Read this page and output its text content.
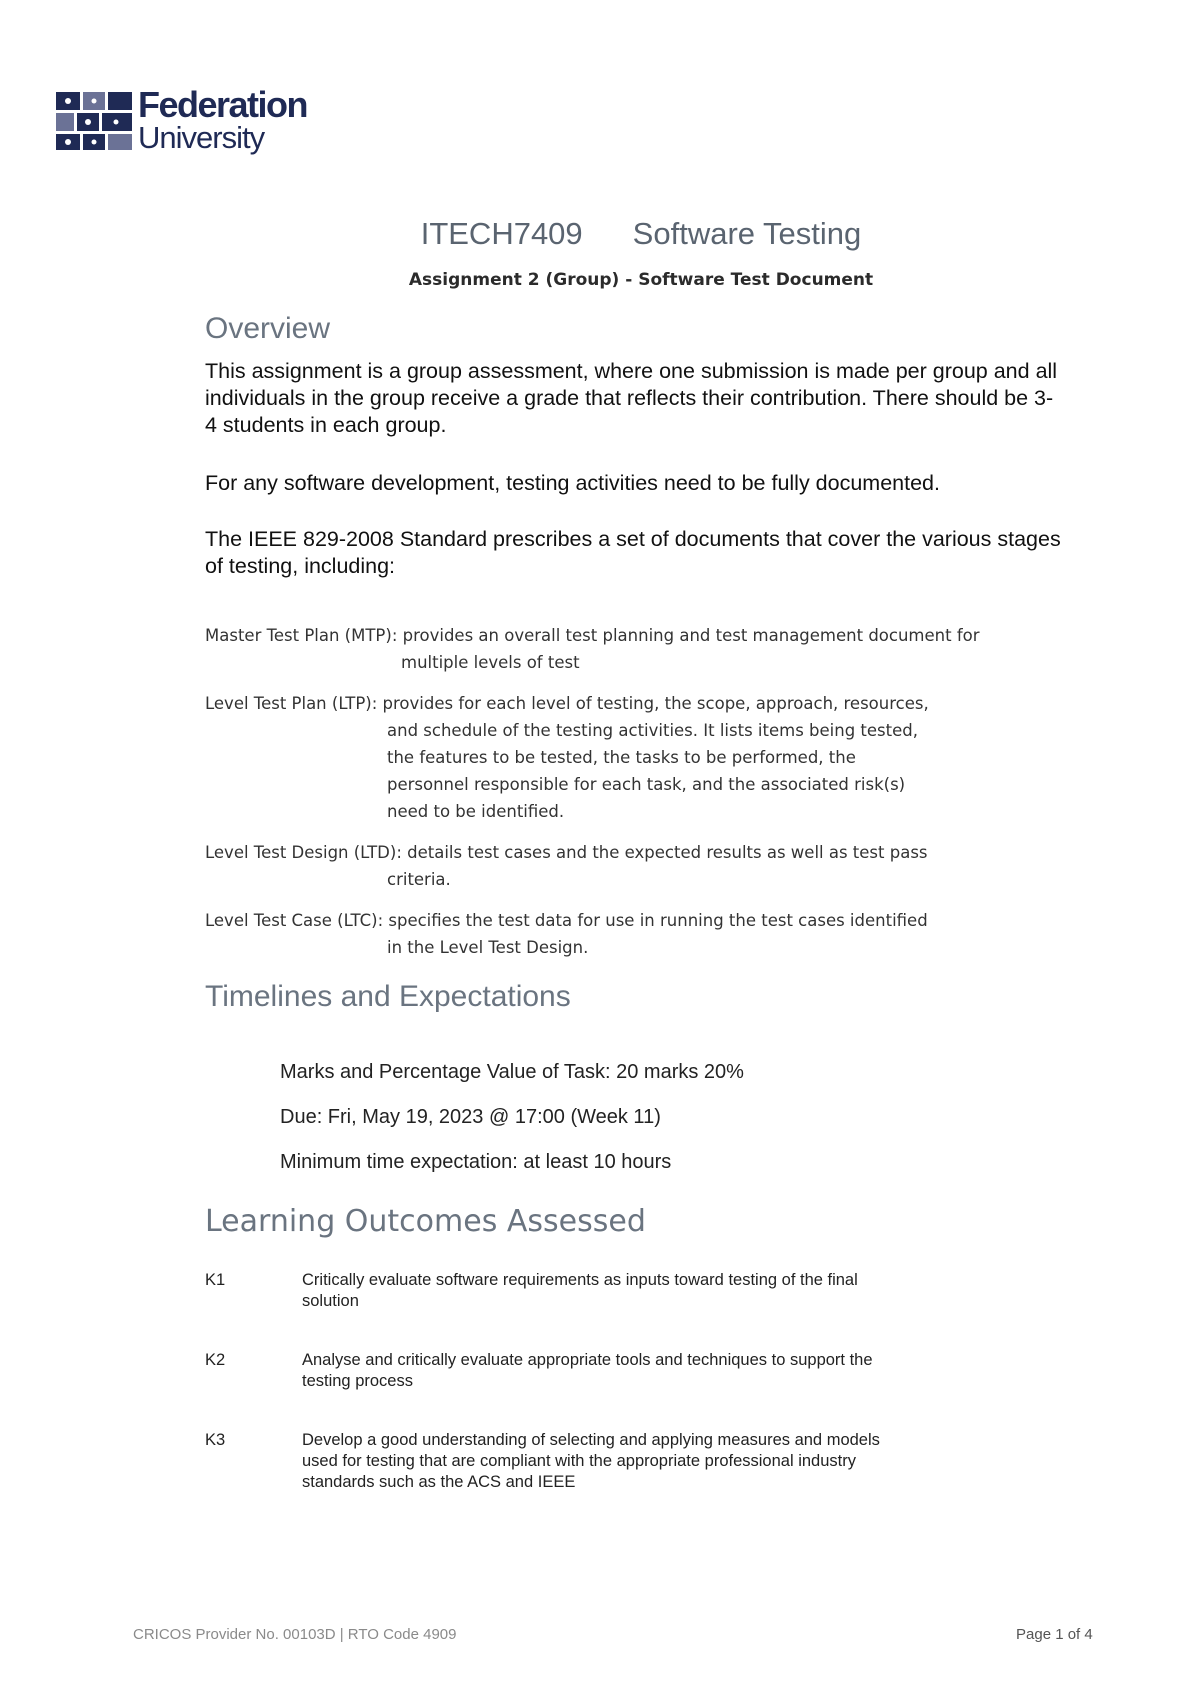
Federation
University
ITECH7409 Software Testing
Assignment 2 (Group) - Software Test Document
Overview
This assignment is a group assessment, where one submission is made per group and all individuals in the group receive a grade that reflects their contribution. There should be 3-4 students in each group.
For any software development, testing activities need to be fully documented.
The IEEE 829-2008 Standard prescribes a set of documents that cover the various stages of testing, including:
Master Test Plan (MTP): provides an overall test planning and test management document for
multiple levels of test
Level Test Plan (LTP): provides for each level of testing, the scope, approach, resources,
and schedule of the testing activities. It lists items being tested,
the features to be tested, the tasks to be performed, the
personnel responsible for each task, and the associated risk(s)
need to be identified.
Level Test Design (LTD): details test cases and the expected results as well as test pass
criteria.
Level Test Case (LTC): specifies the test data for use in running the test cases identified
in the Level Test Design.
Timelines and Expectations
Marks and Percentage Value of Task: 20 marks 20%
Due: Fri, May 19, 2023 @ 17:00 (Week 11)
Minimum time expectation: at least 10 hours
Learning Outcomes Assessed
K1	Critically evaluate software requirements as inputs toward testing of the final solution
K2	Analyse and critically evaluate appropriate tools and techniques to support the testing process
K3	Develop a good understanding of selecting and applying measures and models used for testing that are compliant with the appropriate professional industry standards such as the ACS and IEEE
CRICOS Provider No. 00103D | RTO Code 4909	Page 1 of 4
